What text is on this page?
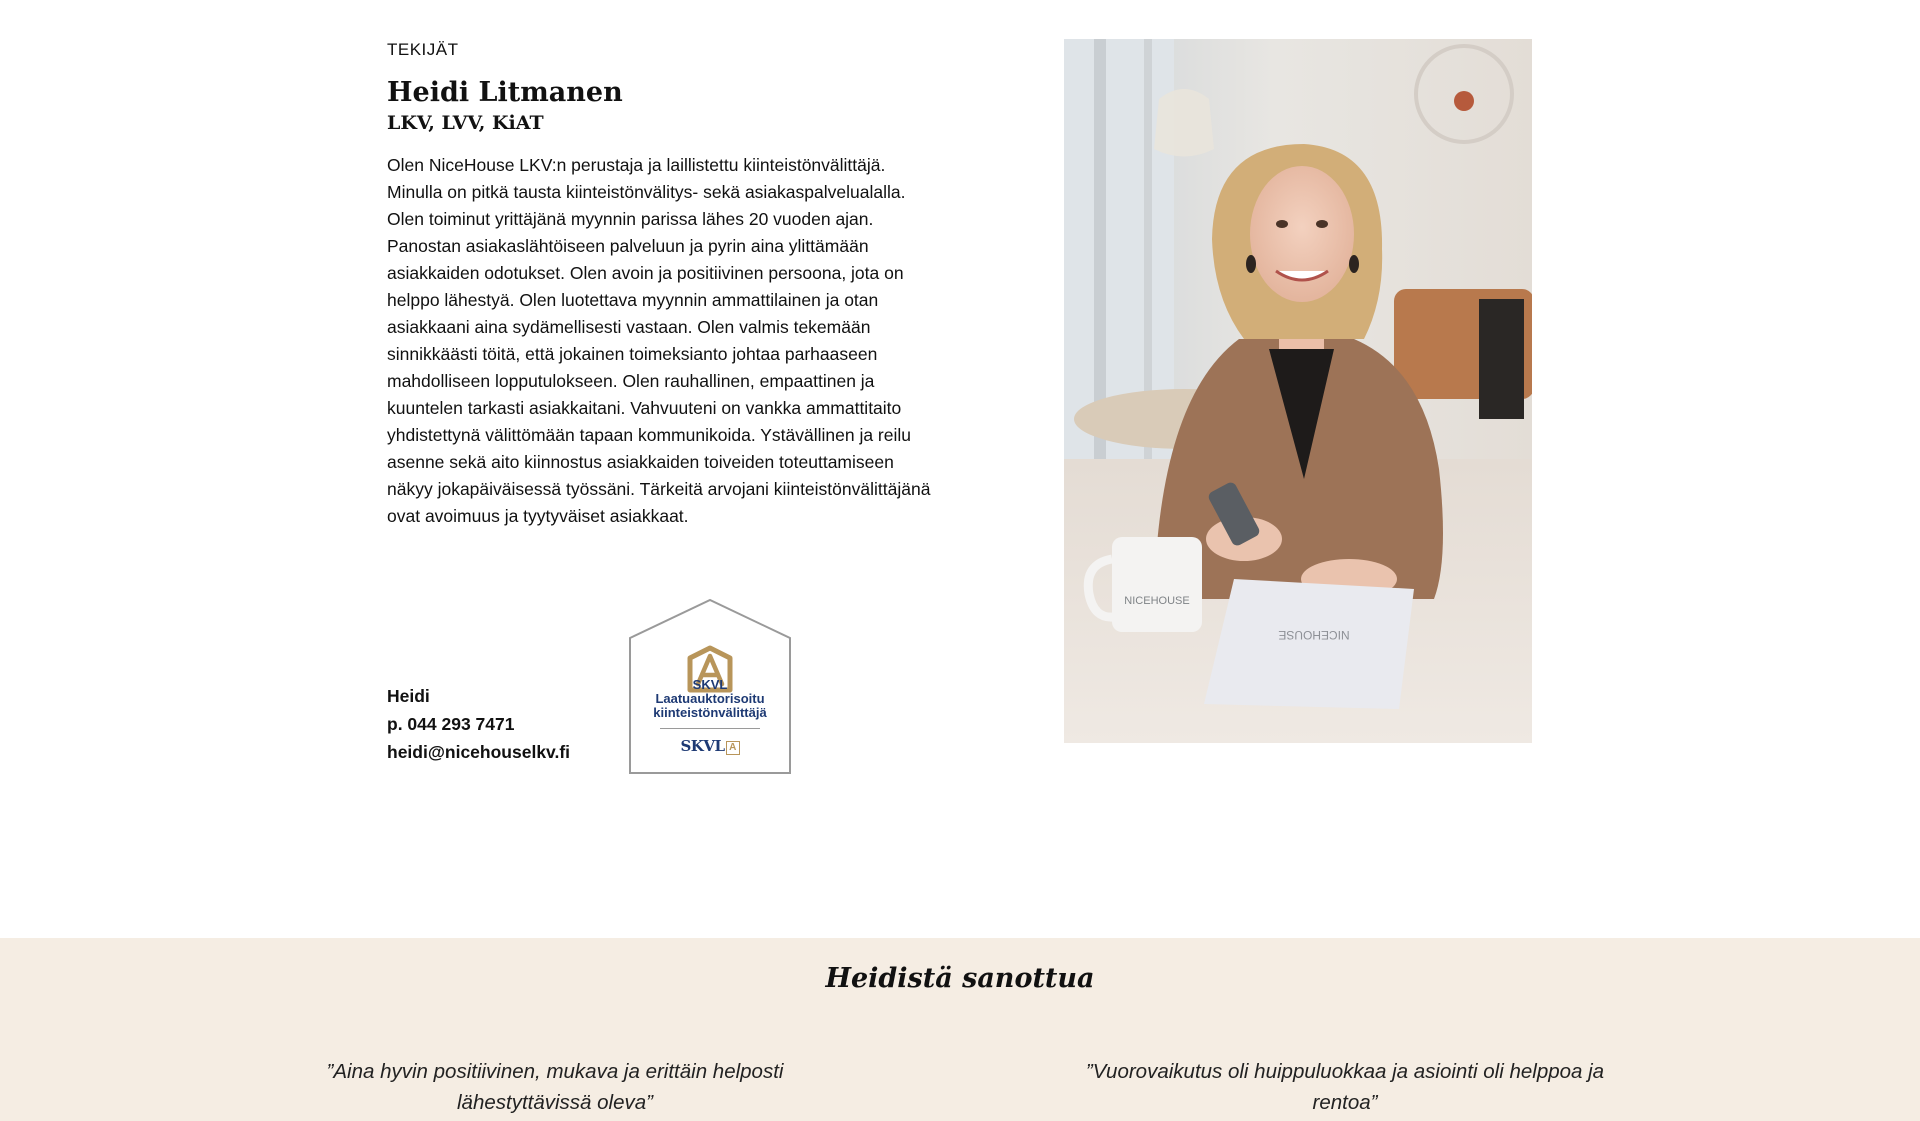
TEKIJÄT
Heidi Litmanen
LKV, LVV, KiAT

Olen NiceHouse LKV:n perustaja ja laillistettu kiinteistönvälittäjä. Minulla on pitkä tausta kiinteistönvälitys- sekä asiakaspalvelualalla. Olen toiminut yrittäjänä myynnin parissa lähes 20 vuoden ajan. Panostan asiakaslähtöiseen palveluun ja pyrin aina ylittämään asiakkaiden odotukset. Olen avoin ja positiivinen persoona, jota on helppo lähestyä. Olen luotettava myynnin ammattilainen ja otan asiakkaani aina sydämellisesti vastaan. Olen valmis tekemään sinnikkäästi töitä, että jokainen toimeksianto johtaa parhaaseen mahdolliseen lopputulokseen. Olen rauhallinen, empaattinen ja kuuntelen tarkasti asiakkaitani. Vahvuuteni on vankka ammattitaito yhdistettynä välittömään tapaan kommunikoida. Ystävällinen ja reilu asenne sekä aito kiinnostus asiakkaiden toiveiden toteuttamiseen näkyy jokapäiväisessä työssäni. Tärkeitä arvojani kiinteistönvälittäjänä ovat avoimuus ja tyytyväiset asiakkaat.

Heidi
p. 044 293 7471
heidi@nicehouselkv.fi
SKVL
Laatuauktorisoitu
kiinteistönvälittäjä
SKVL A
NICEHOUSE
NICEHOUSE
Heidistä sanottua
”Aina hyvin positiivinen, mukava ja erittäin helposti lähestyttävissä oleva”
”Vuorovaikutus oli huippuluokkaa ja asiointi oli helppoa ja rentoa”
